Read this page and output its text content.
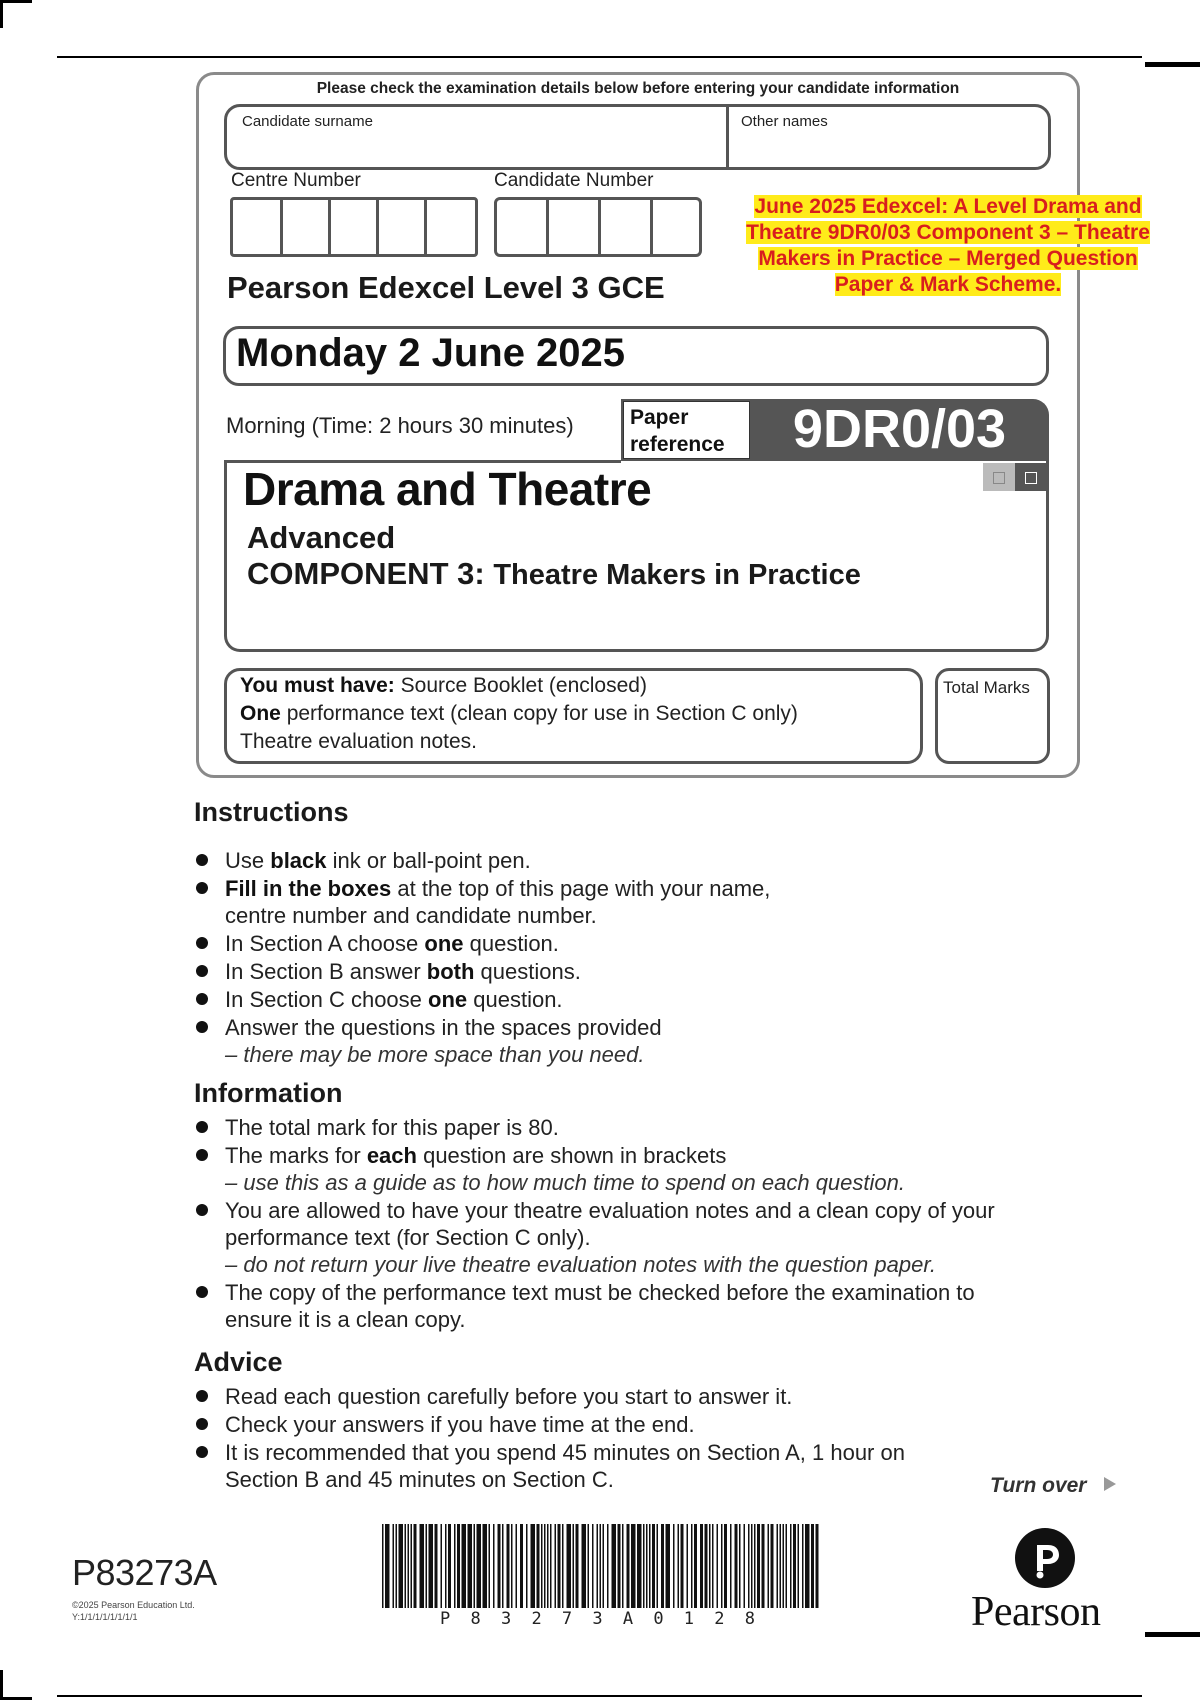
Please check the examination details below before entering your candidate information
Candidate surname	Other names
Centre Number	Candidate Number
June 2025 Edexcel: A Level Drama and Theatre 9DR0/03 Component 3 – Theatre Makers in Practice – Merged Question Paper & Mark Scheme.
Pearson Edexcel Level 3 GCE
Monday 2 June 2025
Morning (Time: 2 hours 30 minutes)	Paper
reference	9DR0/03
Drama and Theatre
Advanced
COMPONENT 3: Theatre Makers in Practice
You must have: Source Booklet (enclosed)
One performance text (clean copy for use in Section C only)
Theatre evaluation notes.
Total Marks
Instructions
Use black ink or ball-point pen.
Fill in the boxes at the top of this page with your name,
centre number and candidate number.
In Section A choose one question.
In Section B answer both questions.
In Section C choose one question.
Answer the questions in the spaces provided
– there may be more space than you need.
Information
The total mark for this paper is 80.
The marks for each question are shown in brackets
– use this as a guide as to how much time to spend on each question.
You are allowed to have your theatre evaluation notes and a clean copy of your
performance text (for Section C only).
– do not return your live theatre evaluation notes with the question paper.
The copy of the performance text must be checked before the examination to
ensure it is a clean copy.
Advice
Read each question carefully before you start to answer it.
Check your answers if you have time at the end.
It is recommended that you spend 45 minutes on Section A, 1 hour on
Section B and 45 minutes on Section C.	Turn over
P83273A
©2025 Pearson Education Ltd.
Y:1/1/1/1/1/1/1/1	P 8 3 2 7 3 A 0 1 2 8	Pearson
